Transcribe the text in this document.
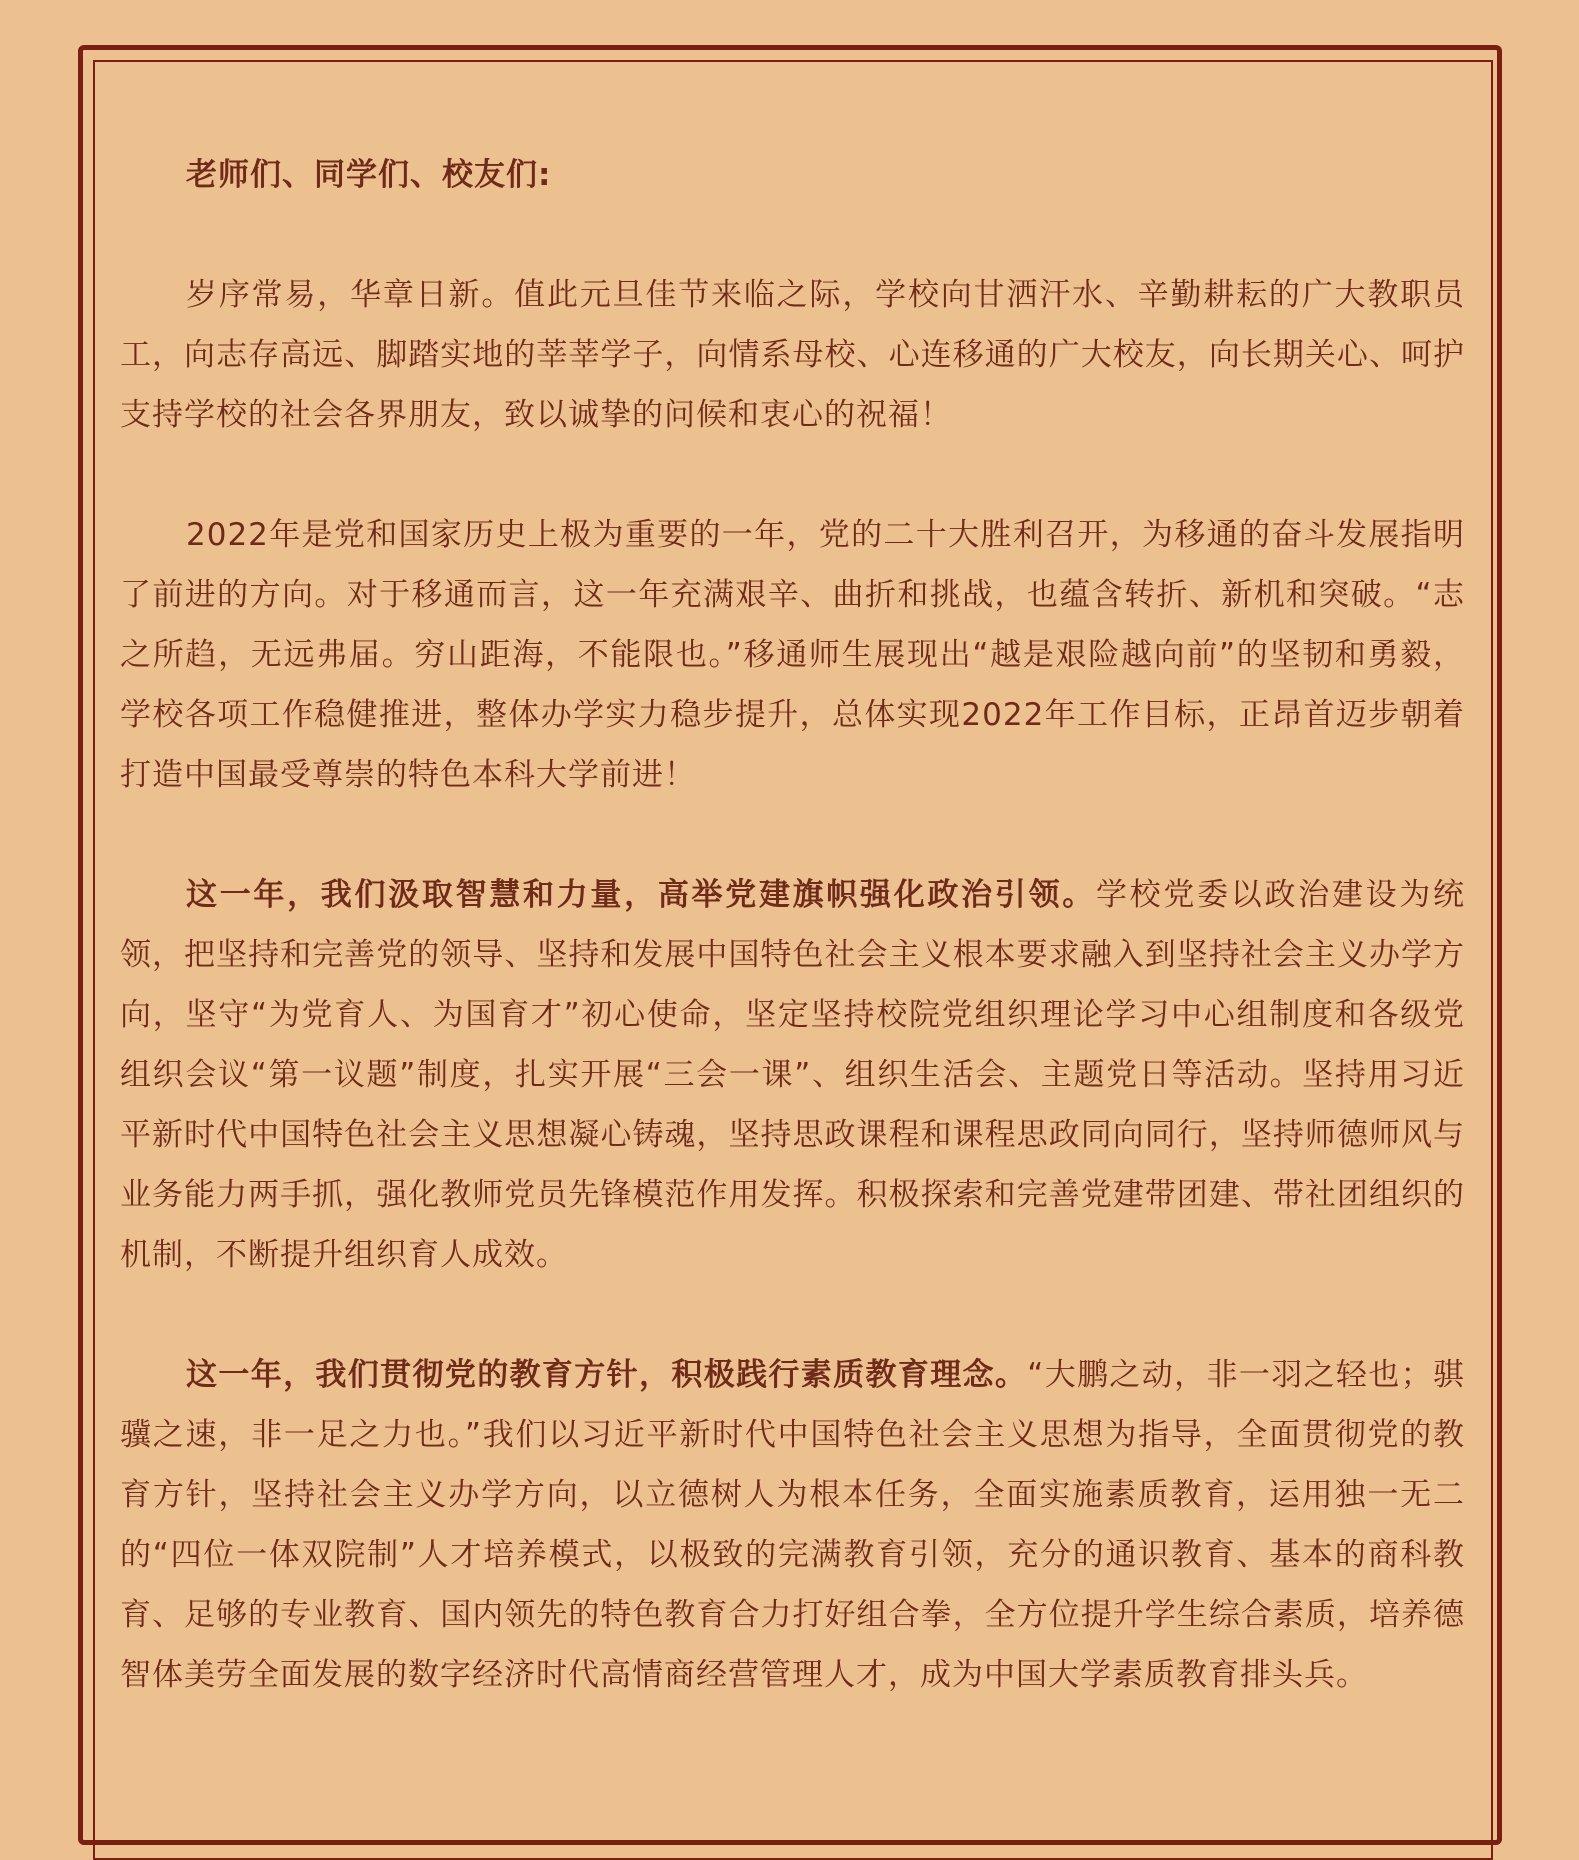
老师们、同学们、校友们:

岁序常易，华章日新。值此元旦佳节来临之际，学校向甘洒汗水、辛勤耕耘的广大教职员工，向志存高远、脚踏实地的莘莘学子，向情系母校、心连移通的广大校友，向长期关心、呵护支持学校的社会各界朋友，致以诚挚的问候和衷心的祝福！

2022年是党和国家历史上极为重要的一年，党的二十大胜利召开，为移通的奋斗发展指明了前进的方向。对于移通而言，这一年充满艰辛、曲折和挑战，也蕴含转折、新机和突破。“志之所趋，无远弗届。穷山距海，不能限也。”移通师生展现出“越是艰险越向前”的坚韧和勇毅，学校各项工作稳健推进，整体办学实力稳步提升，总体实现2022年工作目标，正昂首迈步朝着打造中国最受尊崇的特色本科大学前进！

这一年，我们汲取智慧和力量，高举党建旗帜强化政治引领。学校党委以政治建设为统领，把坚持和完善党的领导、坚持和发展中国特色社会主义根本要求融入到坚持社会主义办学方向，坚守“为党育人、为国育才”初心使命，坚定坚持校院党组织理论学习中心组制度和各级党组织会议“第一议题”制度，扎实开展“三会一课”、组织生活会、主题党日等活动。坚持用习近平新时代中国特色社会主义思想凝心铸魂，坚持思政课程和课程思政同向同行，坚持师德师风与业务能力两手抓，强化教师党员先锋模范作用发挥。积极探索和完善党建带团建、带社团组织的机制，不断提升组织育人成效。

这一年，我们贯彻党的教育方针，积极践行素质教育理念。“大鹏之动，非一羽之轻也；骐骥之速，非一足之力也。”我们以习近平新时代中国特色社会主义思想为指导，全面贯彻党的教育方针，坚持社会主义办学方向，以立德树人为根本任务，全面实施素质教育，运用独一无二的“四位一体双院制”人才培养模式，以极致的完满教育引领，充分的通识教育、基本的商科教育、足够的专业教育、国内领先的特色教育合力打好组合拳，全方位提升学生综合素质，培养德智体美劳全面发展的数字经济时代高情商经营管理人才，成为中国大学素质教育排头兵。
